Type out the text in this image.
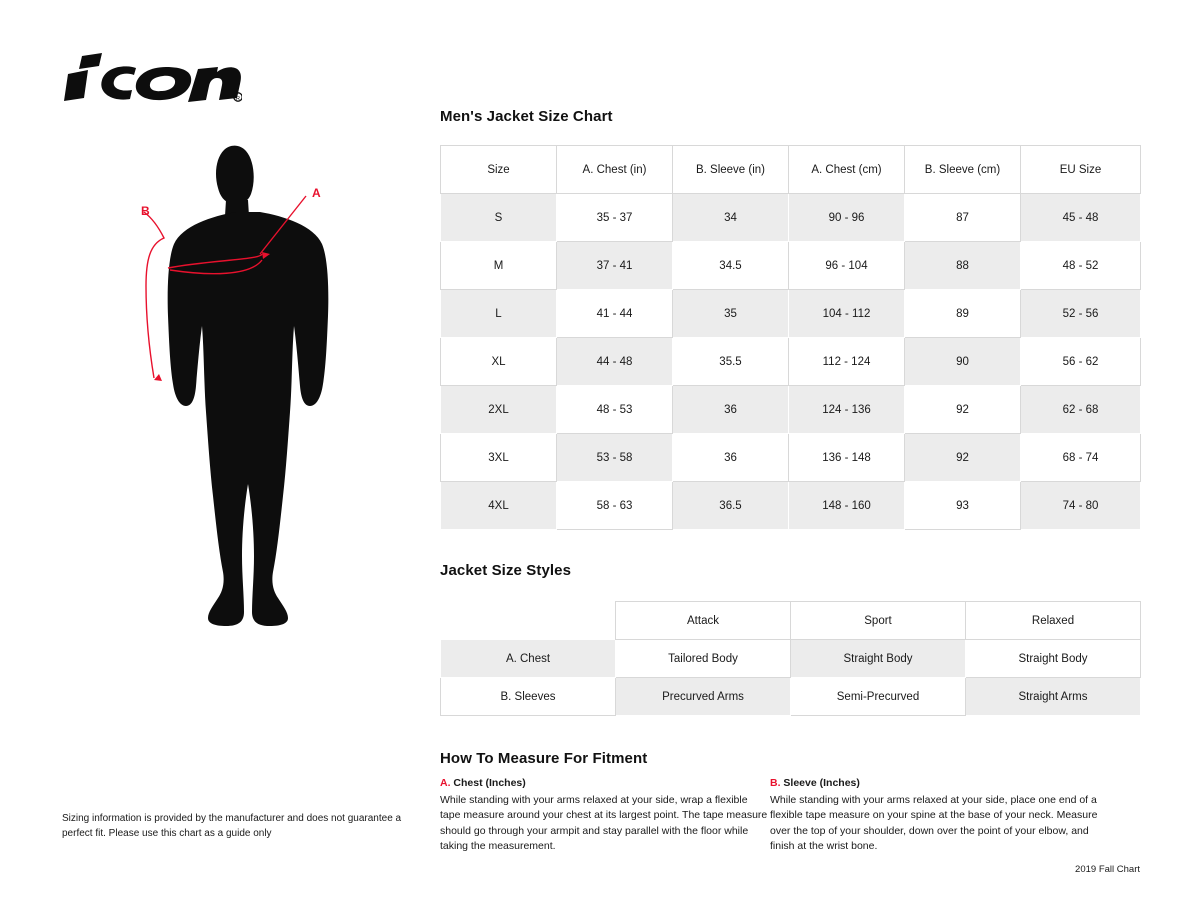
R
A
B
Sizing information is provided by the manufacturer and does not guarantee a perfect fit. Please use this chart as a guide only
Men's Jacket Size Chart
Size	A. Chest (in)	B. Sleeve (in)	A. Chest (cm)	B. Sleeve (cm)	EU Size
S	35 - 37	34	90 - 96	87	45 - 48
M	37 - 41	34.5	96 - 104	88	48 - 52
L	41 - 44	35	104 - 112	89	52 - 56
XL	44 - 48	35.5	112 - 124	90	56 - 62
2XL	48 - 53	36	124 - 136	92	62 - 68
3XL	53 - 58	36	136 - 148	92	68 - 74
4XL	58 - 63	36.5	148 - 160	93	74 - 80
Jacket Size Styles
	Attack	Sport	Relaxed
A. Chest	Tailored Body	Straight Body	Straight Body
B. Sleeves	Precurved Arms	Semi-Precurved	Straight Arms
How To Measure For Fitment
A. Chest (Inches)
While standing with your arms relaxed at your side, wrap a flexible tape measure around your chest at its largest point. The tape measure should go through your armpit and stay parallel with the floor while taking the measurement.
B. Sleeve (Inches)
While standing with your arms relaxed at your side, place one end of a flexible tape measure on your spine at the base of your neck. Measure over the top of your shoulder, down over the point of your elbow, and finish at the wrist bone.
2019 Fall Chart
